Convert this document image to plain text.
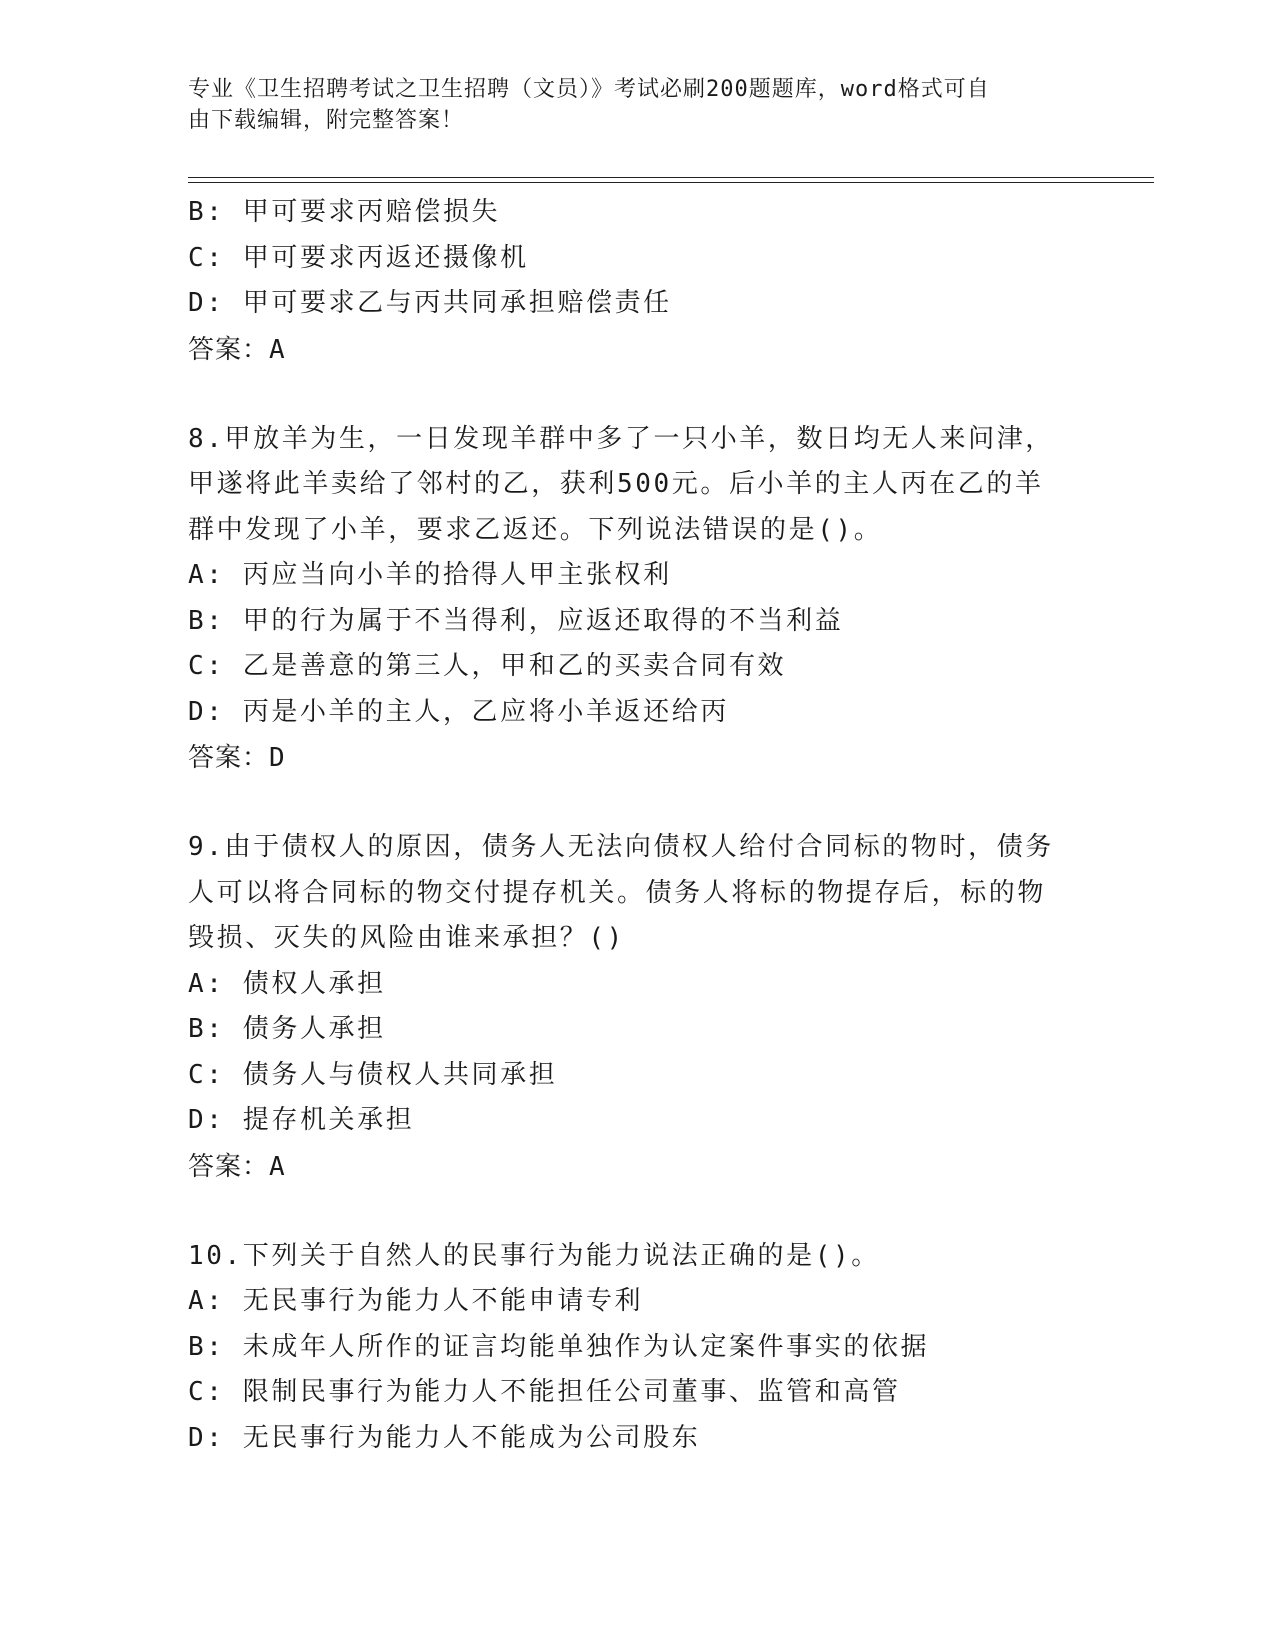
专业《卫生招聘考试之卫生招聘（文员）》考试必刷200题题库，word格式可自
由下载编辑，附完整答案！
B: 甲可要求丙赔偿损失
C: 甲可要求丙返还摄像机
D: 甲可要求乙与丙共同承担赔偿责任
答案：A
8.甲放羊为生，一日发现羊群中多了一只小羊，数日均无人来问津，
甲遂将此羊卖给了邻村的乙，获利500元。后小羊的主人丙在乙的羊
群中发现了小羊，要求乙返还。下列说法错误的是()。
A: 丙应当向小羊的拾得人甲主张权利
B: 甲的行为属于不当得利，应返还取得的不当利益
C: 乙是善意的第三人，甲和乙的买卖合同有效
D: 丙是小羊的主人，乙应将小羊返还给丙
答案：D
9.由于债权人的原因，债务人无法向债权人给付合同标的物时，债务
人可以将合同标的物交付提存机关。债务人将标的物提存后，标的物
毁损、灭失的风险由谁来承担？()
A: 债权人承担
B: 债务人承担
C: 债务人与债权人共同承担
D: 提存机关承担
答案：A
10.下列关于自然人的民事行为能力说法正确的是()。
A: 无民事行为能力人不能申请专利
B: 未成年人所作的证言均能单独作为认定案件事实的依据
C: 限制民事行为能力人不能担任公司董事、监管和高管
D: 无民事行为能力人不能成为公司股东
